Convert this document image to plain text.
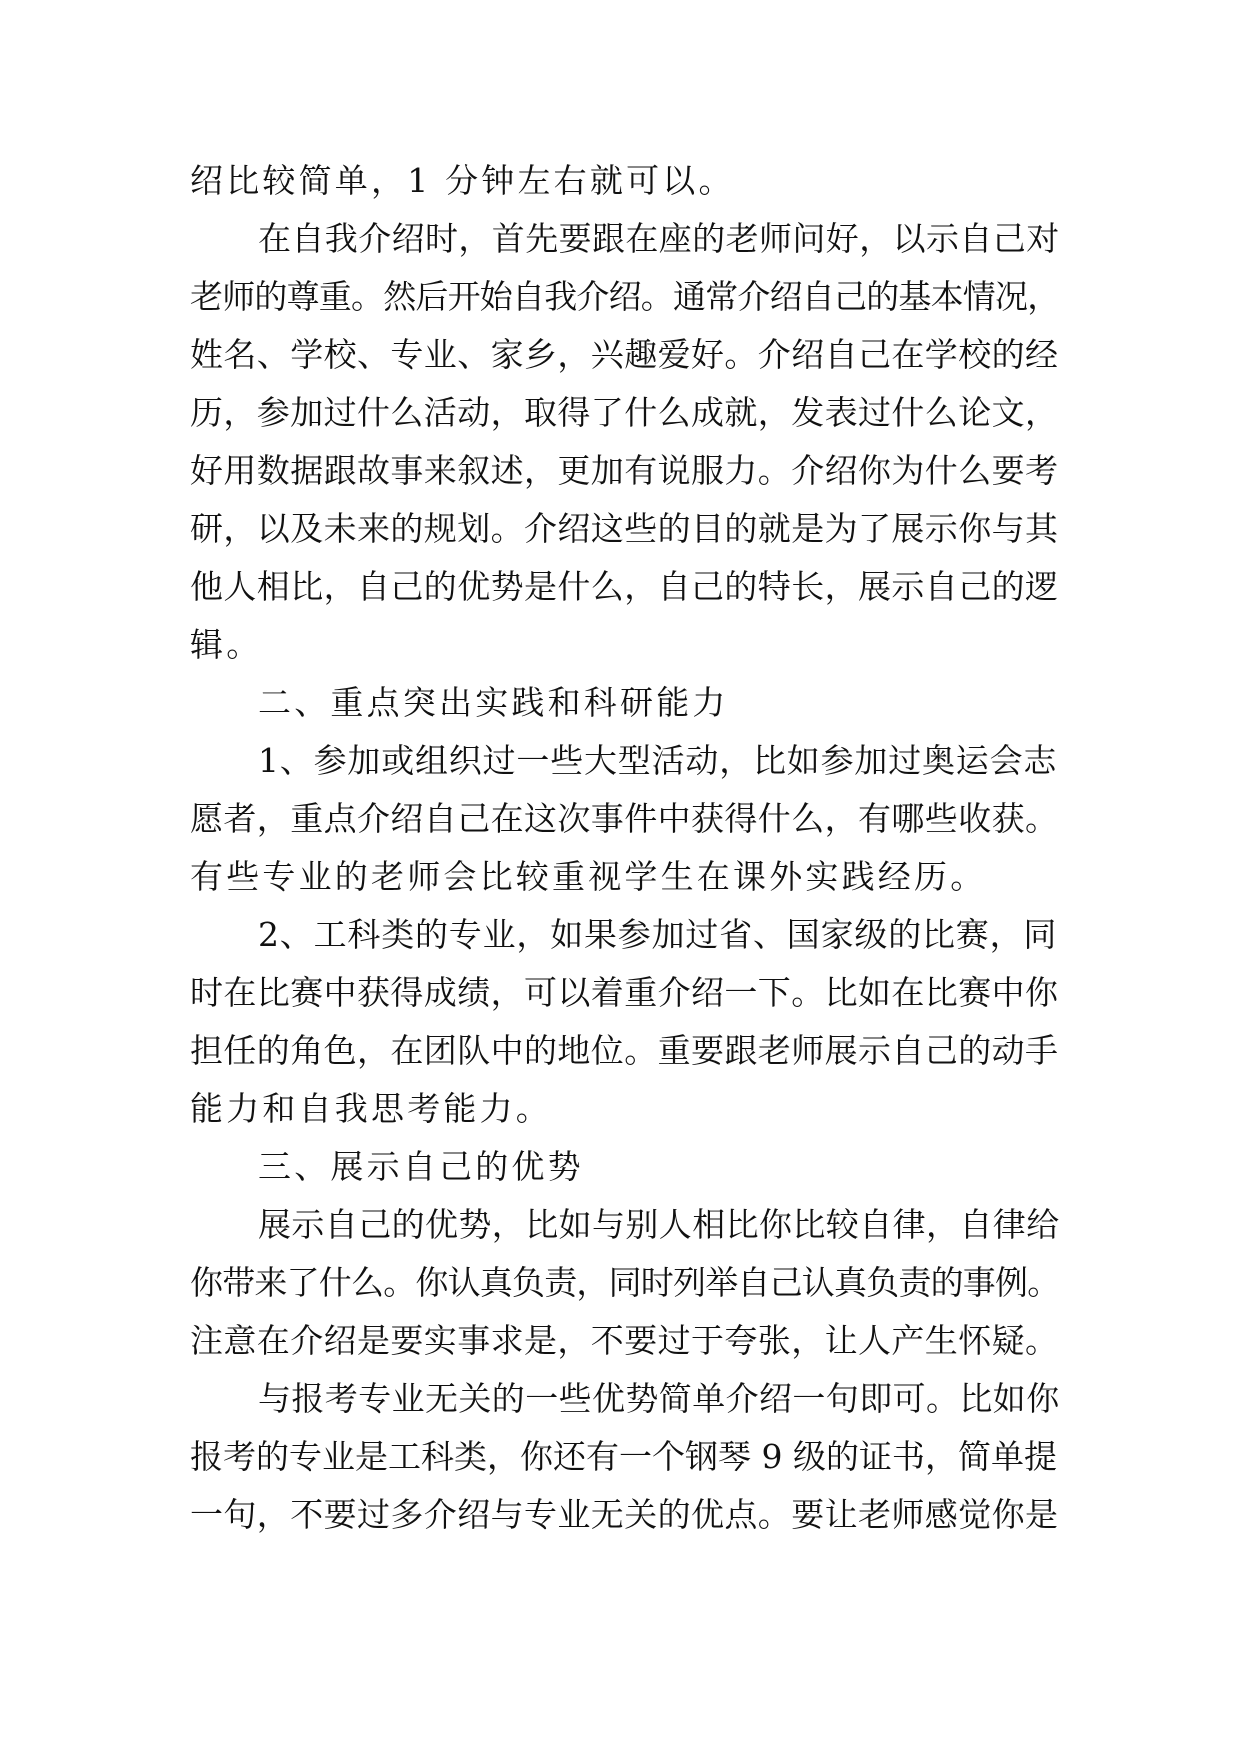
绍比较简单，1 分钟左右就可以。
在自我介绍时，首先要跟在座的老师问好，以示自己对
老师的尊重。然后开始自我介绍。通常介绍自己的基本情况，
姓名、学校、专业、家乡，兴趣爱好。介绍自己在学校的经
历，参加过什么活动，取得了什么成就，发表过什么论文，
好用数据跟故事来叙述，更加有说服力。介绍你为什么要考
研，以及未来的规划。介绍这些的目的就是为了展示你与其
他人相比，自己的优势是什么，自己的特长，展示自己的逻
辑。
二、重点突出实践和科研能力
1、参加或组织过一些大型活动，比如参加过奥运会志
愿者，重点介绍自己在这次事件中获得什么，有哪些收获。
有些专业的老师会比较重视学生在课外实践经历。
2、工科类的专业，如果参加过省、国家级的比赛，同
时在比赛中获得成绩，可以着重介绍一下。比如在比赛中你
担任的角色，在团队中的地位。重要跟老师展示自己的动手
能力和自我思考能力。
三、展示自己的优势
展示自己的优势，比如与别人相比你比较自律，自律给
你带来了什么。你认真负责，同时列举自己认真负责的事例。
注意在介绍是要实事求是，不要过于夸张，让人产生怀疑。
与报考专业无关的一些优势简单介绍一句即可。比如你
报考的专业是工科类，你还有一个钢琴 9 级的证书，简单提
一句，不要过多介绍与专业无关的优点。要让老师感觉你是
